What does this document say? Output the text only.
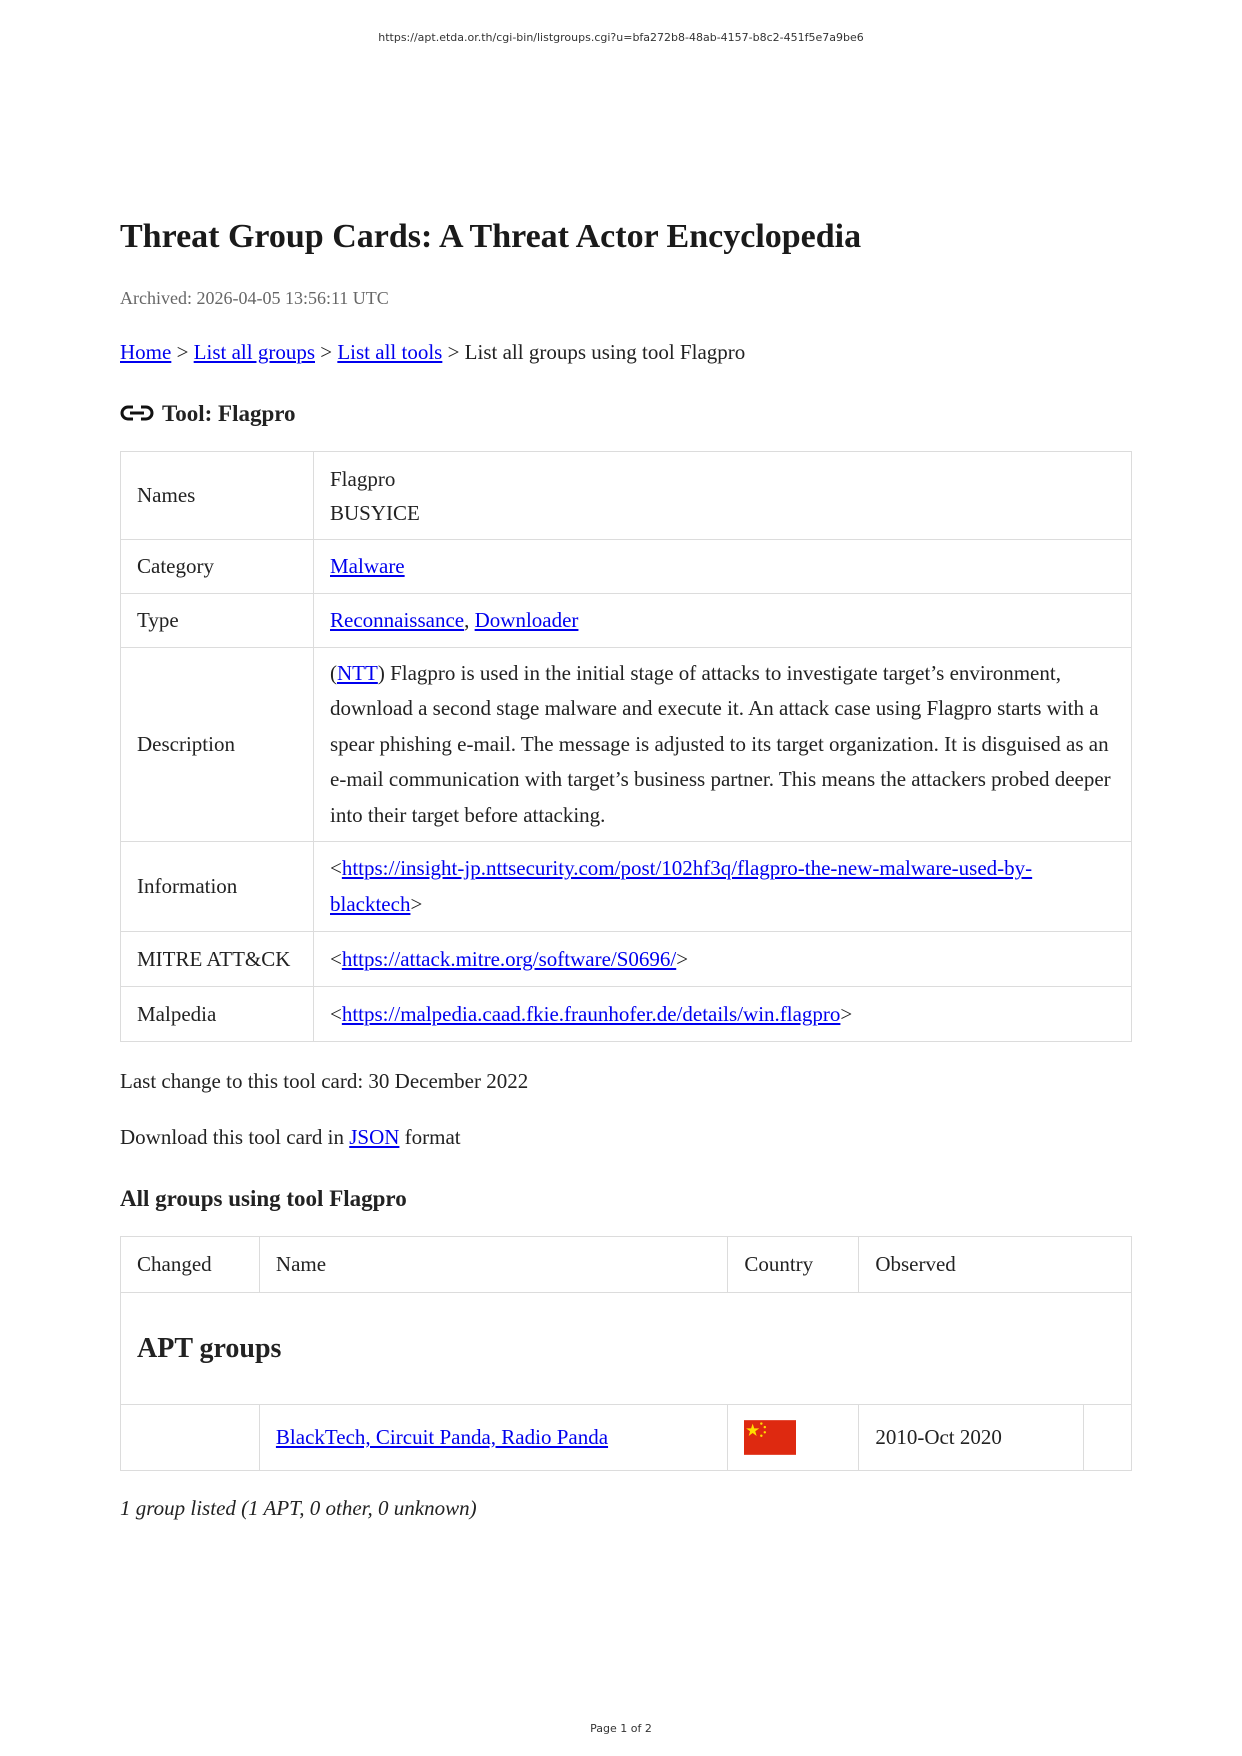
https://apt.etda.or.th/cgi-bin/listgroups.cgi?u=bfa272b8-48ab-4157-b8c2-451f5e7a9be6
Threat Group Cards: A Threat Actor Encyclopedia
Archived: 2026-04-05 13:56:11 UTC
Home > List all groups > List all tools > List all groups using tool Flagpro
Tool: Flagpro
Names	Flagpro
BUSYICE

Category	Malware
Type	Reconnaissance, Downloader
Description	(NTT) Flagpro is used in the initial stage of attacks to investigate target’s environment, download a second stage malware and execute it. An attack case using Flagpro starts with a spear phishing e-mail. The message is adjusted to its target organization. It is disguised as an e-mail communication with target’s business partner. This means the attackers probed deeper into their target before attacking.
Information	<https://insight-jp.nttsecurity.com/post/102hf3q/flagpro-the-new-malware-used-by-blacktech>
MITRE ATT&CK	<https://attack.mitre.org/software/S0696/>
Malpedia	<https://malpedia.caad.fkie.fraunhofer.de/details/win.flagpro>
Last change to this tool card: 30 December 2022
Download this tool card in JSON format
All groups using tool Flagpro
Changed	Name	Country	Observed	
APT groups				
	BlackTech, Circuit Panda, Radio Panda		2010-Oct 2020	
1 group listed (1 APT, 0 other, 0 unknown)
Page 1 of 2
